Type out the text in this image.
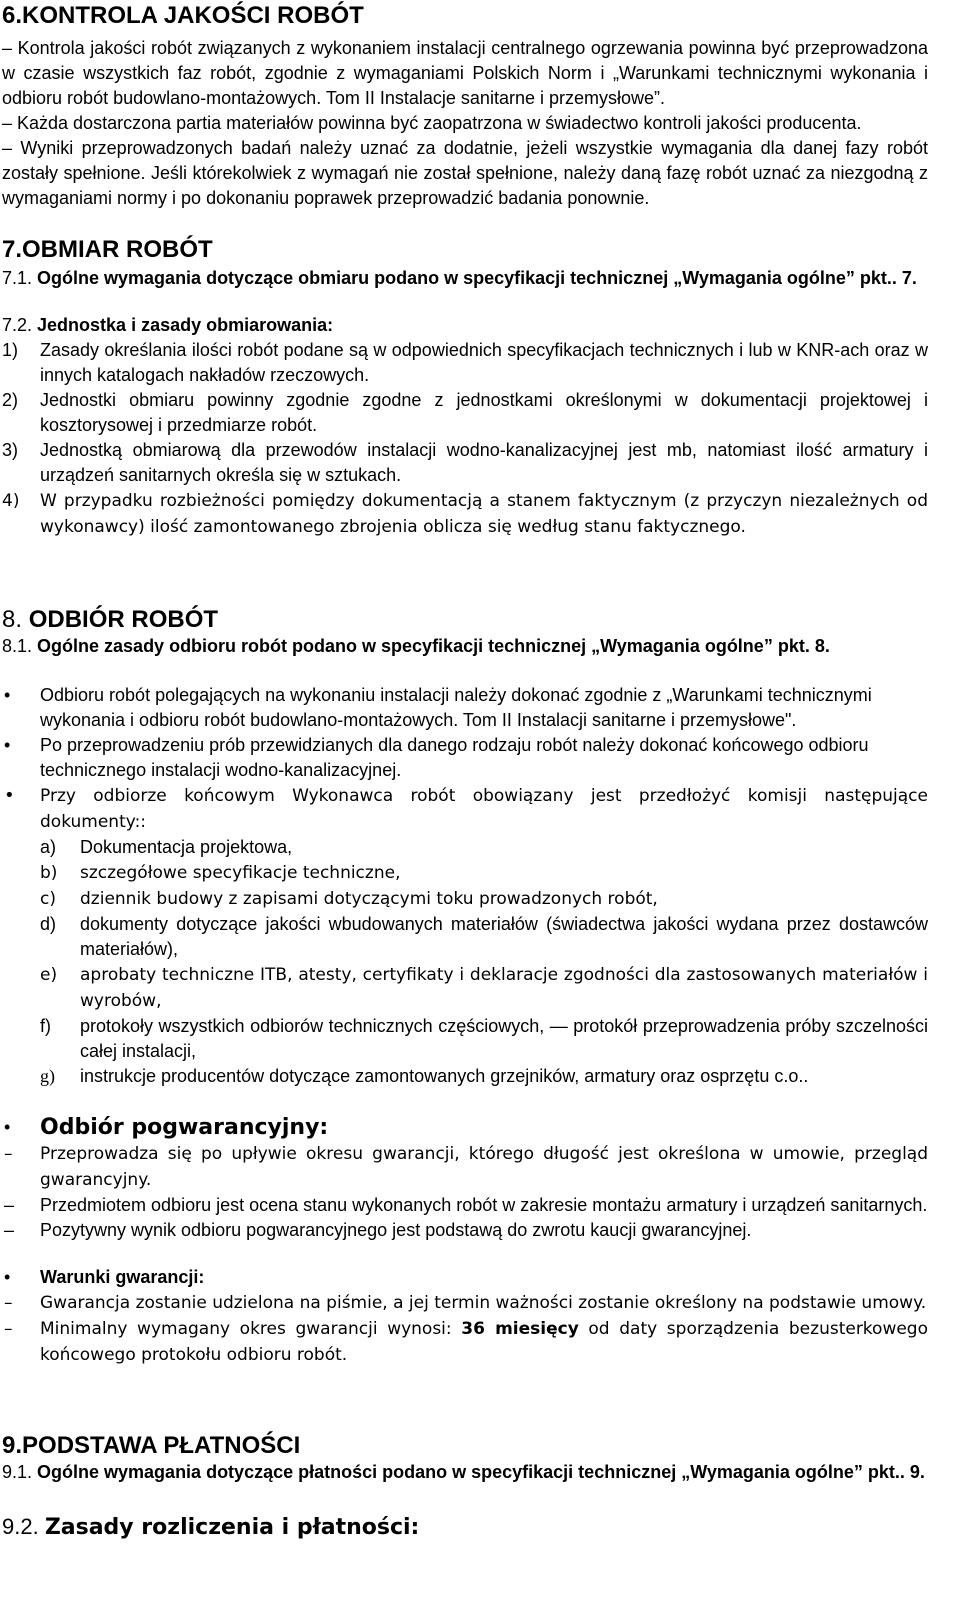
6.KONTROLA JAKOŚCI ROBÓT

– Kontrola jakości robót związanych z wykonaniem instalacji centralnego ogrzewania powinna być przeprowadzona w czasie wszystkich faz robót, zgodnie z wymaganiami Polskich Norm i „Warunkami technicznymi wykonania i odbioru robót budowlano-montażowych. Tom II Instalacje sanitarne i przemysłowe”.

– Każda dostarczona partia materiałów powinna być zaopatrzona w świadectwo kontroli jakości producenta.

– Wyniki przeprowadzonych badań należy uznać za dodatnie, jeżeli wszystkie wymagania dla danej fazy robót zostały spełnione. Jeśli którekolwiek z wymagań nie został spełnione, należy daną fazę robót uznać za niezgodną z wymaganiami normy i po dokonaniu poprawek przeprowadzić badania ponownie.

7.OBMIAR ROBÓT

7.1. Ogólne wymagania dotyczące obmiaru podano w specyfikacji technicznej „Wymagania ogólne” pkt.. 7.

7.2. Jednostka i zasady obmiarowania:

1) Zasady określania ilości robót podane są w odpowiednich specyfikacjach technicznych i lub w KNR-ach oraz w innych katalogach nakładów rzeczowych.

2) Jednostki obmiaru powinny zgodnie zgodne z jednostkami określonymi w dokumentacji projektowej i kosztorysowej i przedmiarze robót.

3) Jednostką obmiarową dla przewodów instalacji wodno-kanalizacyjnej jest mb, natomiast ilość armatury i urządzeń sanitarnych określa się w sztukach.

4) W przypadku rozbieżności pomiędzy dokumentacją a stanem faktycznym (z przyczyn niezależnych od wykonawcy) ilość zamontowanego zbrojenia oblicza się według stanu faktycznego.

8. ODBIÓR ROBÓT

8.1. Ogólne zasady odbioru robót podano w specyfikacji technicznej „Wymagania ogólne” pkt. 8.

• Odbioru robót polegających na wykonaniu instalacji należy dokonać zgodnie z „Warunkami technicznymi wykonania i odbioru robót budowlano-montażowych. Tom II Instalacji sanitarne i przemysłowe".

• Po przeprowadzeniu prób przewidzianych dla danego rodzaju robót należy dokonać końcowego odbioru technicznego instalacji wodno-kanalizacyjnej.

• Przy odbiorze końcowym Wykonawca robót obowiązany jest przedłożyć komisji następujące dokumenty::

a) Dokumentacja projektowa,

b) szczegółowe specyfikacje techniczne,

c) dziennik budowy z zapisami dotyczącymi toku prowadzonych robót,

d) dokumenty dotyczące jakości wbudowanych materiałów (świadectwa jakości wydana przez dostawców materiałów),

e) aprobaty techniczne ITB, atesty, certyfikaty i deklaracje zgodności dla zastosowanych materiałów i wyrobów,

f) protokoły wszystkich odbiorów technicznych częściowych, — protokół przeprowadzenia próby szczelności całej instalacji,

g) instrukcje producentów dotyczące zamontowanych grzejników, armatury oraz osprzętu c.o..

• Odbiór pogwarancyjny:

– Przeprowadza się po upływie okresu gwarancji, którego długość jest określona w umowie, przegląd gwarancyjny.

– Przedmiotem odbioru jest ocena stanu wykonanych robót w zakresie montażu armatury i urządzeń sanitarnych.

– Pozytywny wynik odbioru pogwarancyjnego jest podstawą do zwrotu kaucji gwarancyjnej.

• Warunki gwarancji:

– Gwarancja zostanie udzielona na piśmie, a jej termin ważności zostanie określony na podstawie umowy.

– Minimalny wymagany okres gwarancji wynosi: 36 miesięcy od daty sporządzenia bezusterkowego końcowego protokołu odbioru robót.

9.PODSTAWA PŁATNOŚCI

9.1. Ogólne wymagania dotyczące płatności podano w specyfikacji technicznej „Wymagania ogólne” pkt.. 9.

9.2. Zasady rozliczenia i płatności:
